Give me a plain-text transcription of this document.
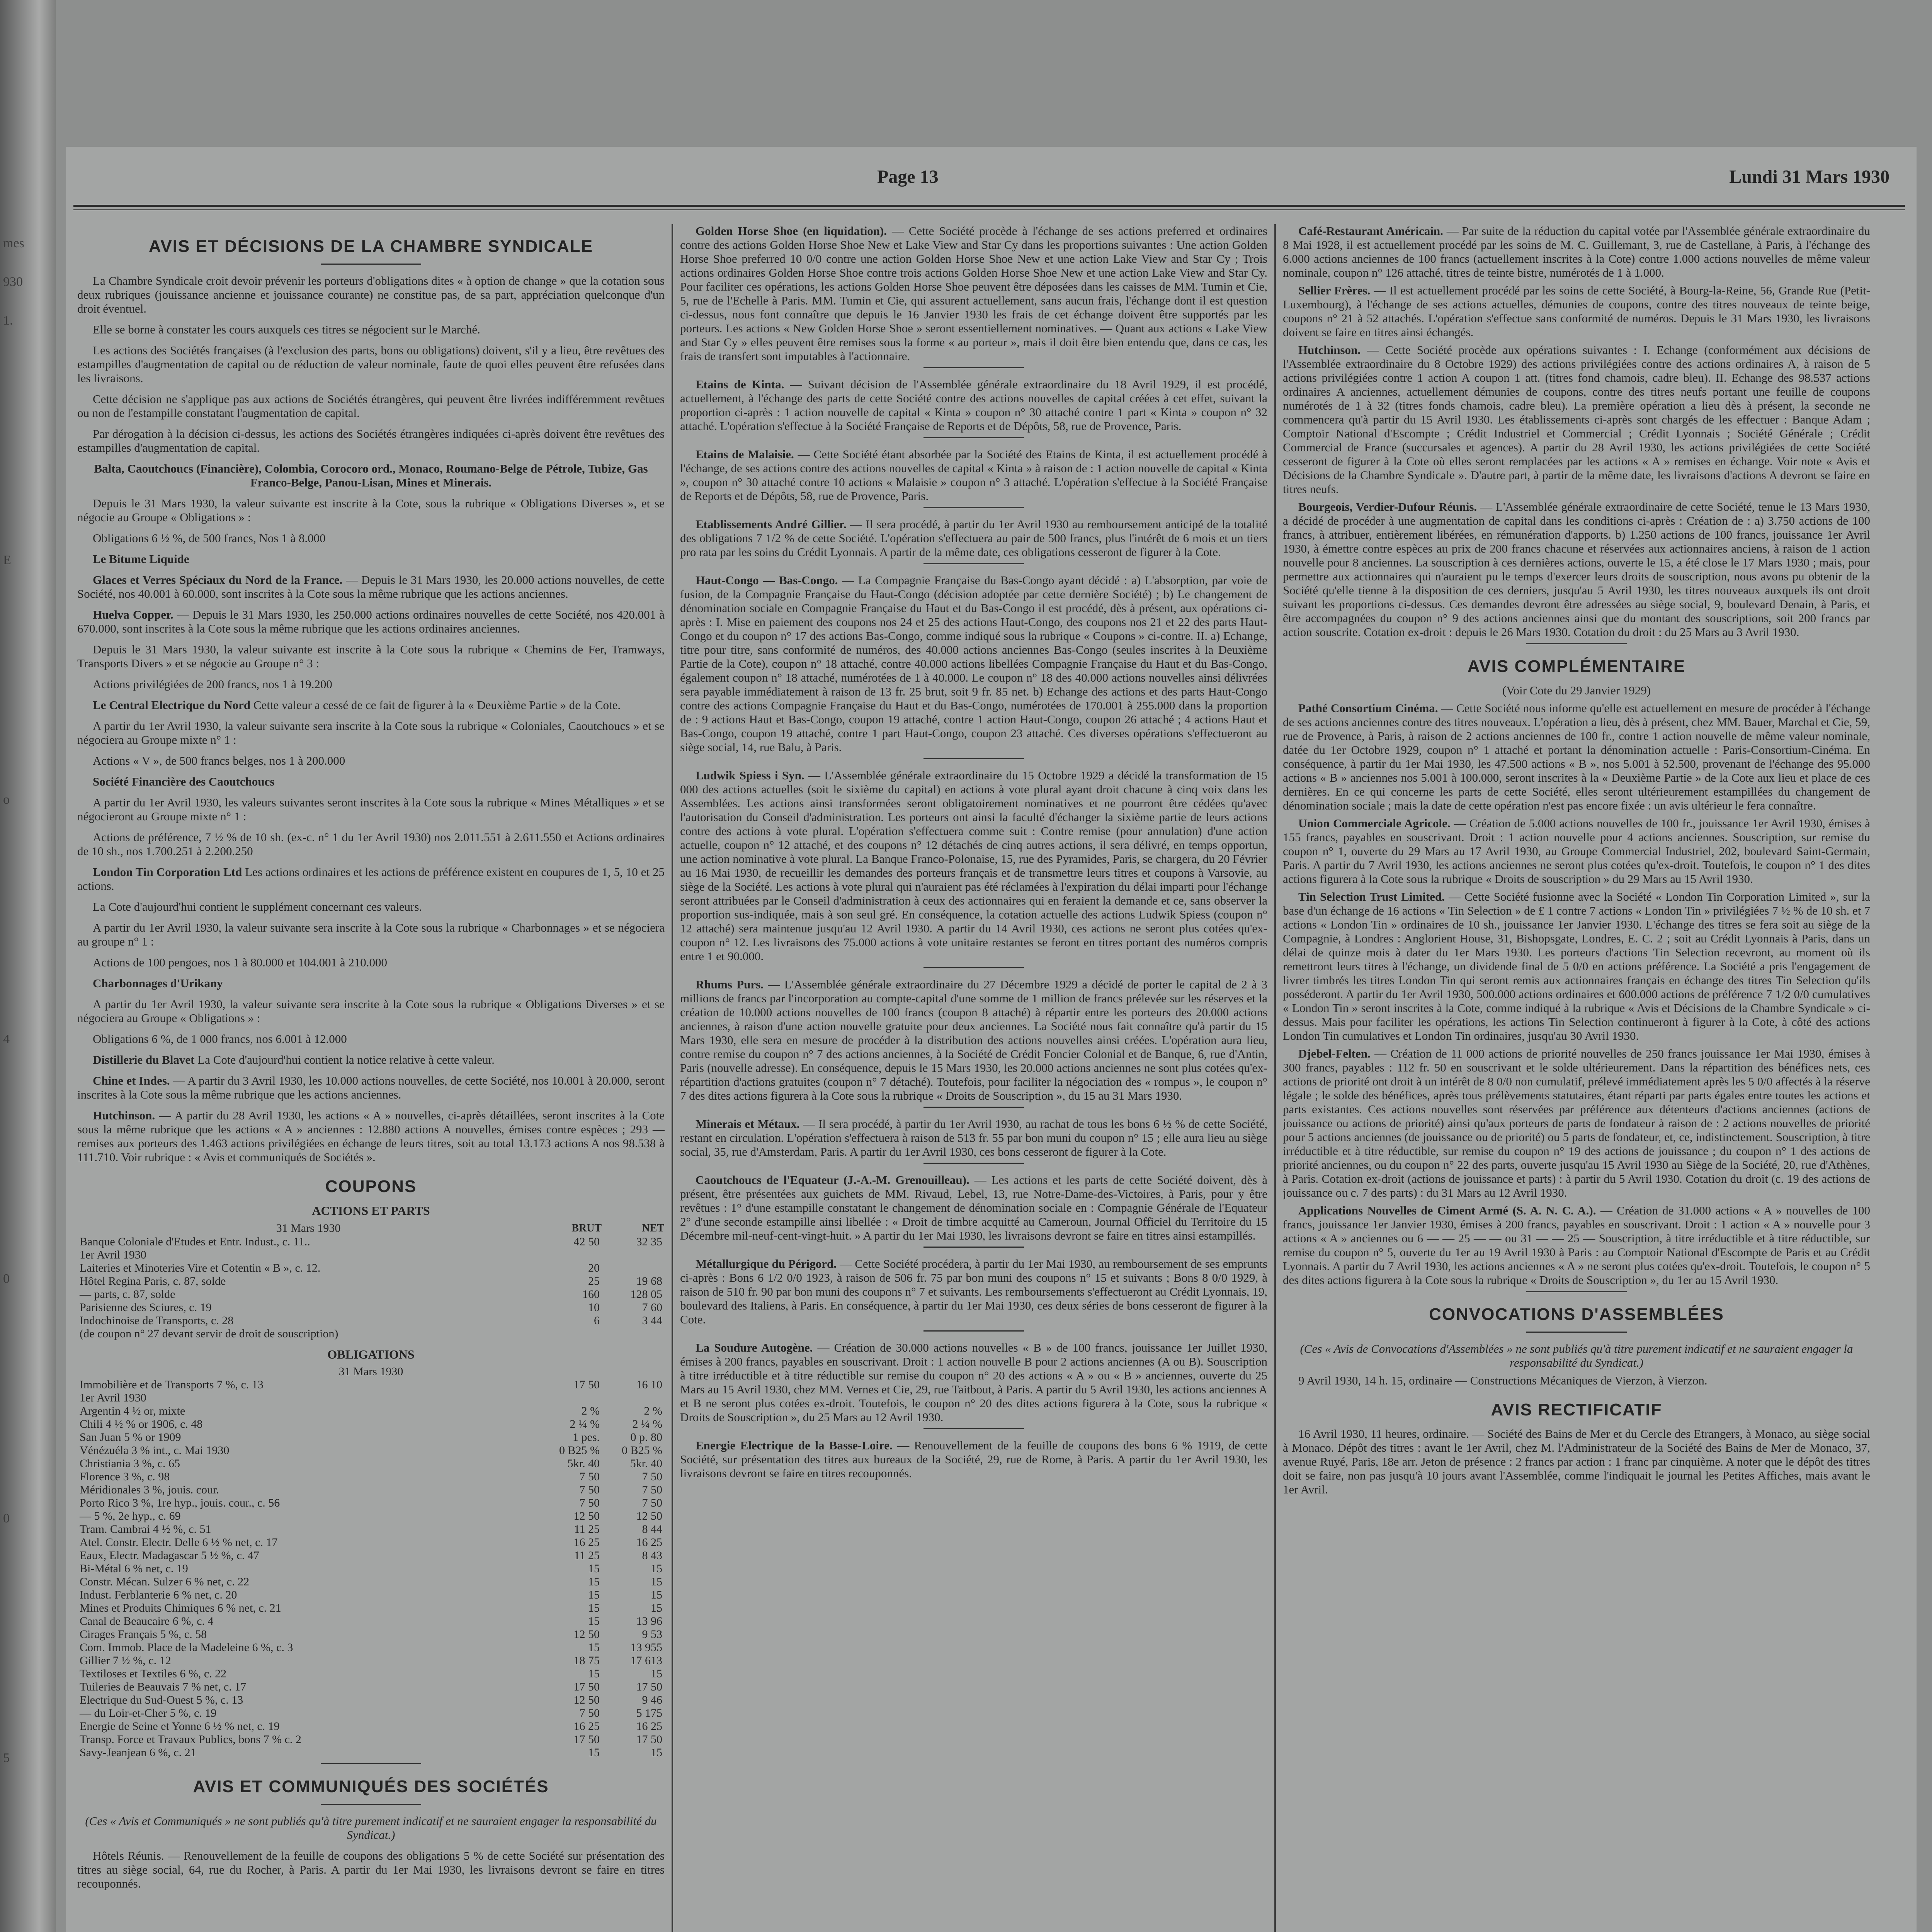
mes
930
1.
E
o
4
0
0
5
Page 13	Lundi 31 Mars 1930
AVIS ET DÉCISIONS DE LA CHAMBRE SYNDICALE

La Chambre Syndicale croit devoir prévenir les porteurs d'obligations dites « à option de change » que la cotation sous deux rubriques (jouissance ancienne et jouissance courante) ne constitue pas, de sa part, appréciation quelconque d'un droit éventuel.

Elle se borne à constater les cours auxquels ces titres se négocient sur le Marché.

Les actions des Sociétés françaises (à l'exclusion des parts, bons ou obligations) doivent, s'il y a lieu, être revêtues des estampilles d'augmentation de capital ou de réduction de valeur nominale, faute de quoi elles peuvent être refusées dans les livraisons.

Cette décision ne s'applique pas aux actions de Sociétés étrangères, qui peuvent être livrées indifféremment revêtues ou non de l'estampille constatant l'augmentation de capital.

Par dérogation à la décision ci-dessus, les actions des Sociétés étrangères indiquées ci-après doivent être revêtues des estampilles d'augmentation de capital.

Balta, Caoutchoucs (Financière), Colombia, Corocoro ord., Monaco, Roumano-Belge de Pétrole, Tubize, Gas Franco-Belge, Panou-Lisan, Mines et Minerais.

Depuis le 31 Mars 1930, la valeur suivante est inscrite à la Cote, sous la rubrique « Obligations Diverses », et se négocie au Groupe « Obligations » :

Obligations 6 ½ %, de 500 francs, Nos 1 à 8.000

Le Bitume Liquide

Glaces et Verres Spéciaux du Nord de la France. — Depuis le 31 Mars 1930, les 20.000 actions nouvelles, de cette Société, nos 40.001 à 60.000, sont inscrites à la Cote sous la même rubrique que les actions anciennes.

Huelva Copper. — Depuis le 31 Mars 1930, les 250.000 actions ordinaires nouvelles de cette Société, nos 420.001 à 670.000, sont inscrites à la Cote sous la même rubrique que les actions ordinaires anciennes.

Depuis le 31 Mars 1930, la valeur suivante est inscrite à la Cote sous la rubrique « Chemins de Fer, Tramways, Transports Divers » et se négocie au Groupe n° 3 :

Actions privilégiées de 200 francs, nos 1 à 19.200

Le Central Electrique du Nord Cette valeur a cessé de ce fait de figurer à la « Deuxième Partie » de la Cote.

A partir du 1er Avril 1930, la valeur suivante sera inscrite à la Cote sous la rubrique « Coloniales, Caoutchoucs » et se négociera au Groupe mixte n° 1 :

Actions « V », de 500 francs belges, nos 1 à 200.000

Société Financière des Caoutchoucs

A partir du 1er Avril 1930, les valeurs suivantes seront inscrites à la Cote sous la rubrique « Mines Métalliques » et se négocieront au Groupe mixte n° 1 :

Actions de préférence, 7 ½ % de 10 sh. (ex-c. n° 1 du 1er Avril 1930) nos 2.011.551 à 2.611.550 et Actions ordinaires de 10 sh., nos 1.700.251 à 2.200.250

London Tin Corporation Ltd Les actions ordinaires et les actions de préférence existent en coupures de 1, 5, 10 et 25 actions.

La Cote d'aujourd'hui contient le supplément concernant ces valeurs.

A partir du 1er Avril 1930, la valeur suivante sera inscrite à la Cote sous la rubrique « Charbonnages » et se négociera au groupe n° 1 :

Actions de 100 pengoes, nos 1 à 80.000 et 104.001 à 210.000

Charbonnages d'Urikany

A partir du 1er Avril 1930, la valeur suivante sera inscrite à la Cote sous la rubrique « Obligations Diverses » et se négociera au Groupe « Obligations » :

Obligations 6 %, de 1 000 francs, nos 6.001 à 12.000

Distillerie du Blavet La Cote d'aujourd'hui contient la notice relative à cette valeur.

Chine et Indes. — A partir du 3 Avril 1930, les 10.000 actions nouvelles, de cette Société, nos 10.001 à 20.000, seront inscrites à la Cote sous la même rubrique que les actions anciennes.

Hutchinson. — A partir du 28 Avril 1930, les actions « A » nouvelles, ci-après détaillées, seront inscrites à la Cote sous la même rubrique que les actions « A » anciennes : 12.880 actions A nouvelles, émises contre espèces ; 293 — remises aux porteurs des 1.463 actions privilégiées en échange de leurs titres, soit au total 13.173 actions A nos 98.538 à 111.710. Voir rubrique : « Avis et communiqués de Sociétés ».

COUPONS
ACTIONS ET PARTS
31 Mars 1930	BRUT	NET
Banque Coloniale d'Etudes et Entr. Indust., c. 11..	42 50	32 35
1er Avril 1930		
Laiteries et Minoteries Vire et Cotentin « B », c. 12.	20	
Hôtel Regina Paris, c. 87, solde	25	19 68
— parts, c. 87, solde	160	128 05
Parisienne des Sciures, c. 19	10	7 60
Indochinoise de Transports, c. 28	6	3 44
(de coupon n° 27 devant servir de droit de souscription)		
OBLIGATIONS
31 Mars 1930		
Immobilière et de Transports 7 %, c. 13	17 50	16 10
1er Avril 1930		
Argentin 4 ½ or, mixte	2 %	2 %
Chili 4 ½ % or 1906, c. 48	2 ¼ %	2 ¼ %
San Juan 5 % or 1909	1 pes.	0 p. 80
Vénézuéla 3 % int., c. Mai 1930	0 B25 %	0 B25 %
Christiania 3 %, c. 65	5kr. 40	5kr. 40
Florence 3 %, c. 98	7 50	7 50
Méridionales 3 %, jouis. cour.	7 50	7 50
Porto Rico 3 %, 1re hyp., jouis. cour., c. 56	7 50	7 50
— 5 %, 2e hyp., c. 69	12 50	12 50
Tram. Cambrai 4 ½ %, c. 51	11 25	8 44
Atel. Constr. Electr. Delle 6 ½ % net, c. 17	16 25	16 25
Eaux, Electr. Madagascar 5 ½ %, c. 47	11 25	8 43
Bi-Métal 6 % net, c. 19	15	15
Constr. Mécan. Sulzer 6 % net, c. 22	15	15
Indust. Ferblanterie 6 % net, c. 20	15	15
Mines et Produits Chimiques 6 % net, c. 21	15	15
Canal de Beaucaire 6 %, c. 4	15	13 96
Cirages Français 5 %, c. 58	12 50	9 53
Com. Immob. Place de la Madeleine 6 %, c. 3	15	13 955
Gillier 7 ½ %, c. 12	18 75	17 613
Textiloses et Textiles 6 %, c. 22	15	15
Tuileries de Beauvais 7 % net, c. 17	17 50	17 50
Electrique du Sud-Ouest 5 %, c. 13	12 50	9 46
— du Loir-et-Cher 5 %, c. 19	7 50	5 175
Energie de Seine et Yonne 6 ½ % net, c. 19	16 25	16 25
Transp. Force et Travaux Publics, bons 7 % c. 2	17 50	17 50
Savy-Jeanjean 6 %, c. 21	15	15
AVIS ET COMMUNIQUÉS DES SOCIÉTÉS

(Ces « Avis et Communiqués » ne sont publiés qu'à titre purement indicatif et ne sauraient engager la responsabilité du Syndicat.)

Hôtels Réunis. — Renouvellement de la feuille de coupons des obligations 5 % de cette Société sur présentation des titres au siège social, 64, rue du Rocher, à Paris. A partir du 1er Mai 1930, les livraisons devront se faire en titres recouponnés.

Golden Horse Shoe (en liquidation). — Cette Société procède à l'échange de ses actions preferred et ordinaires contre des actions Golden Horse Shoe New et Lake View and Star Cy dans les proportions suivantes : Une action Golden Horse Shoe preferred 10 0/0 contre une action Golden Horse Shoe New et une action Lake View and Star Cy ; Trois actions ordinaires Golden Horse Shoe contre trois actions Golden Horse Shoe New et une action Lake View and Star Cy. Pour faciliter ces opérations, les actions Golden Horse Shoe peuvent être déposées dans les caisses de MM. Tumin et Cie, 5, rue de l'Echelle à Paris. MM. Tumin et Cie, qui assurent actuellement, sans aucun frais, l'échange dont il est question ci-dessus, nous font connaître que depuis le 16 Janvier 1930 les frais de cet échange doivent être supportés par les porteurs. Les actions « New Golden Horse Shoe » seront essentiellement nominatives. — Quant aux actions « Lake View and Star Cy » elles peuvent être remises sous la forme « au porteur », mais il doit être bien entendu que, dans ce cas, les frais de transfert sont imputables à l'actionnaire.

Etains de Kinta. — Suivant décision de l'Assemblée générale extraordinaire du 18 Avril 1929, il est procédé, actuellement, à l'échange des parts de cette Société contre des actions nouvelles de capital créées à cet effet, suivant la proportion ci-après : 1 action nouvelle de capital « Kinta » coupon n° 30 attaché contre 1 part « Kinta » coupon n° 32 attaché. L'opération s'effectue à la Société Française de Reports et de Dépôts, 58, rue de Provence, Paris.

Etains de Malaisie. — Cette Société étant absorbée par la Société des Etains de Kinta, il est actuellement procédé à l'échange, de ses actions contre des actions nouvelles de capital « Kinta » à raison de : 1 action nouvelle de capital « Kinta », coupon n° 30 attaché contre 10 actions « Malaisie » coupon n° 3 attaché. L'opération s'effectue à la Société Française de Reports et de Dépôts, 58, rue de Provence, Paris.

Etablissements André Gillier. — Il sera procédé, à partir du 1er Avril 1930 au remboursement anticipé de la totalité des obligations 7 1/2 % de cette Société. L'opération s'effectuera au pair de 500 francs, plus l'intérêt de 6 mois et un tiers pro rata par les soins du Crédit Lyonnais. A partir de la même date, ces obligations cesseront de figurer à la Cote.

Haut-Congo — Bas-Congo. — La Compagnie Française du Bas-Congo ayant décidé : a) L'absorption, par voie de fusion, de la Compagnie Française du Haut-Congo (décision adoptée par cette dernière Société) ; b) Le changement de dénomination sociale en Compagnie Française du Haut et du Bas-Congo il est procédé, dès à présent, aux opérations ci-après : I. Mise en paiement des coupons nos 24 et 25 des actions Haut-Congo, des coupons nos 21 et 22 des parts Haut-Congo et du coupon n° 17 des actions Bas-Congo, comme indiqué sous la rubrique « Coupons » ci-contre. II. a) Echange, titre pour titre, sans conformité de numéros, des 40.000 actions anciennes Bas-Congo (seules inscrites à la Deuxième Partie de la Cote), coupon n° 18 attaché, contre 40.000 actions libellées Compagnie Française du Haut et du Bas-Congo, également coupon n° 18 attaché, numérotées de 1 à 40.000. Le coupon n° 18 des 40.000 actions nouvelles ainsi délivrées sera payable immédiatement à raison de 13 fr. 25 brut, soit 9 fr. 85 net. b) Echange des actions et des parts Haut-Congo contre des actions Compagnie Française du Haut et du Bas-Congo, numérotées de 170.001 à 255.000 dans la proportion de : 9 actions Haut et Bas-Congo, coupon 19 attaché, contre 1 action Haut-Congo, coupon 26 attaché ; 4 actions Haut et Bas-Congo, coupon 19 attaché, contre 1 part Haut-Congo, coupon 23 attaché. Ces diverses opérations s'effectueront au siège social, 14, rue Balu, à Paris.

Ludwik Spiess i Syn. — L'Assemblée générale extraordinaire du 15 Octobre 1929 a décidé la transformation de 15 000 des actions actuelles (soit le sixième du capital) en actions à vote plural ayant droit chacune à cinq voix dans les Assemblées. Les actions ainsi transformées seront obligatoirement nominatives et ne pourront être cédées qu'avec l'autorisation du Conseil d'administration. Les porteurs ont ainsi la faculté d'échanger la sixième partie de leurs actions contre des actions à vote plural. L'opération s'effectuera comme suit : Contre remise (pour annulation) d'une action actuelle, coupon n° 12 attaché, et des coupons n° 12 détachés de cinq autres actions, il sera délivré, en temps opportun, une action nominative à vote plural. La Banque Franco-Polonaise, 15, rue des Pyramides, Paris, se chargera, du 20 Février au 16 Mai 1930, de recueillir les demandes des porteurs français et de transmettre leurs titres et coupons à Varsovie, au siège de la Société. Les actions à vote plural qui n'auraient pas été réclamées à l'expiration du délai imparti pour l'échange seront attribuées par le Conseil d'administration à ceux des actionnaires qui en feraient la demande et ce, sans observer la proportion sus-indiquée, mais à son seul gré. En conséquence, la cotation actuelle des actions Ludwik Spiess (coupon n° 12 attaché) sera maintenue jusqu'au 12 Avril 1930. A partir du 14 Avril 1930, ces actions ne seront plus cotées qu'ex-coupon n° 12. Les livraisons des 75.000 actions à vote unitaire restantes se feront en titres portant des numéros compris entre 1 et 90.000.

Rhums Purs. — L'Assemblée générale extraordinaire du 27 Décembre 1929 a décidé de porter le capital de 2 à 3 millions de francs par l'incorporation au compte-capital d'une somme de 1 million de francs prélevée sur les réserves et la création de 10.000 actions nouvelles de 100 francs (coupon 8 attaché) à répartir entre les porteurs des 20.000 actions anciennes, à raison d'une action nouvelle gratuite pour deux anciennes. La Société nous fait connaître qu'à partir du 15 Mars 1930, elle sera en mesure de procéder à la distribution des actions nouvelles ainsi créées. L'opération aura lieu, contre remise du coupon n° 7 des actions anciennes, à la Société de Crédit Foncier Colonial et de Banque, 6, rue d'Antin, Paris (nouvelle adresse). En conséquence, depuis le 15 Mars 1930, les 20.000 actions anciennes ne sont plus cotées qu'ex-répartition d'actions gratuites (coupon n° 7 détaché). Toutefois, pour faciliter la négociation des « rompus », le coupon n° 7 des dites actions figurera à la Cote sous la rubrique « Droits de Souscription », du 15 au 31 Mars 1930.

Minerais et Métaux. — Il sera procédé, à partir du 1er Avril 1930, au rachat de tous les bons 6 ½ % de cette Société, restant en circulation. L'opération s'effectuera à raison de 513 fr. 55 par bon muni du coupon n° 15 ; elle aura lieu au siège social, 35, rue d'Amsterdam, Paris. A partir du 1er Avril 1930, ces bons cesseront de figurer à la Cote.

Caoutchoucs de l'Equateur (J.-A.-M. Grenouilleau). — Les actions et les parts de cette Société doivent, dès à présent, être présentées aux guichets de MM. Rivaud, Lebel, 13, rue Notre-Dame-des-Victoires, à Paris, pour y être revêtues : 1° d'une estampille constatant le changement de dénomination sociale en : Compagnie Générale de l'Equateur 2° d'une seconde estampille ainsi libellée : « Droit de timbre acquitté au Cameroun, Journal Officiel du Territoire du 15 Décembre mil-neuf-cent-vingt-huit. » A partir du 1er Mai 1930, les livraisons devront se faire en titres ainsi estampillés.

Métallurgique du Périgord. — Cette Société procédera, à partir du 1er Mai 1930, au remboursement de ses emprunts ci-après : Bons 6 1/2 0/0 1923, à raison de 506 fr. 75 par bon muni des coupons n° 15 et suivants ; Bons 8 0/0 1929, à raison de 510 fr. 90 par bon muni des coupons n° 7 et suivants. Les remboursements s'effectueront au Crédit Lyonnais, 19, boulevard des Italiens, à Paris. En conséquence, à partir du 1er Mai 1930, ces deux séries de bons cesseront de figurer à la Cote.

La Soudure Autogène. — Création de 30.000 actions nouvelles « B » de 100 francs, jouissance 1er Juillet 1930, émises à 200 francs, payables en souscrivant. Droit : 1 action nouvelle B pour 2 actions anciennes (A ou B). Souscription à titre irréductible et à titre réductible sur remise du coupon n° 20 des actions « A » ou « B » anciennes, ouverte du 25 Mars au 15 Avril 1930, chez MM. Vernes et Cie, 29, rue Taitbout, à Paris. A partir du 5 Avril 1930, les actions anciennes A et B ne seront plus cotées ex-droit. Toutefois, le coupon n° 20 des dites actions figurera à la Cote, sous la rubrique « Droits de Souscription », du 25 Mars au 12 Avril 1930.

Energie Electrique de la Basse-Loire. — Renouvellement de la feuille de coupons des bons 6 % 1919, de cette Société, sur présentation des titres aux bureaux de la Société, 29, rue de Rome, à Paris. A partir du 1er Avril 1930, les livraisons devront se faire en titres recouponnés.

Café-Restaurant Américain. — Par suite de la réduction du capital votée par l'Assemblée générale extraordinaire du 8 Mai 1928, il est actuellement procédé par les soins de M. C. Guillemant, 3, rue de Castellane, à Paris, à l'échange des 6.000 actions anciennes de 100 francs (actuellement inscrites à la Cote) contre 1.000 actions nouvelles de même valeur nominale, coupon n° 126 attaché, titres de teinte bistre, numérotés de 1 à 1.000.

Sellier Frères. — Il est actuellement procédé par les soins de cette Société, à Bourg-la-Reine, 56, Grande Rue (Petit-Luxembourg), à l'échange de ses actions actuelles, démunies de coupons, contre des titres nouveaux de teinte beige, coupons n° 21 à 52 attachés. L'opération s'effectue sans conformité de numéros. Depuis le 31 Mars 1930, les livraisons doivent se faire en titres ainsi échangés.

Hutchinson. — Cette Société procède aux opérations suivantes : I. Echange (conformément aux décisions de l'Assemblée extraordinaire du 8 Octobre 1929) des actions privilégiées contre des actions ordinaires A, à raison de 5 actions privilégiées contre 1 action A coupon 1 att. (titres fond chamois, cadre bleu). II. Echange des 98.537 actions ordinaires A anciennes, actuellement démunies de coupons, contre des titres neufs portant une feuille de coupons numérotés de 1 à 32 (titres fonds chamois, cadre bleu). La première opération a lieu dès à présent, la seconde ne commencera qu'à partir du 15 Avril 1930. Les établissements ci-après sont chargés de les effectuer : Banque Adam ; Comptoir National d'Escompte ; Crédit Industriel et Commercial ; Crédit Lyonnais ; Société Générale ; Crédit Commercial de France (succursales et agences). A partir du 28 Avril 1930, les actions privilégiées de cette Société cesseront de figurer à la Cote où elles seront remplacées par les actions « A » remises en échange. Voir note « Avis et Décisions de la Chambre Syndicale ». D'autre part, à partir de la même date, les livraisons d'actions A devront se faire en titres neufs.

Bourgeois, Verdier-Dufour Réunis. — L'Assemblée générale extraordinaire de cette Société, tenue le 13 Mars 1930, a décidé de procéder à une augmentation de capital dans les conditions ci-après : Création de : a) 3.750 actions de 100 francs, à attribuer, entièrement libérées, en rémunération d'apports. b) 1.250 actions de 100 francs, jouissance 1er Avril 1930, à émettre contre espèces au prix de 200 francs chacune et réservées aux actionnaires anciens, à raison de 1 action nouvelle pour 8 anciennes. La souscription à ces dernières actions, ouverte le 15, a été close le 17 Mars 1930 ; mais, pour permettre aux actionnaires qui n'auraient pu le temps d'exercer leurs droits de souscription, nous avons pu obtenir de la Société qu'elle tienne à la disposition de ces derniers, jusqu'au 5 Avril 1930, les titres nouveaux auxquels ils ont droit suivant les proportions ci-dessus. Ces demandes devront être adressées au siège social, 9, boulevard Denain, à Paris, et être accompagnées du coupon n° 9 des actions anciennes ainsi que du montant des souscriptions, soit 200 francs par action souscrite. Cotation ex-droit : depuis le 26 Mars 1930. Cotation du droit : du 25 Mars au 3 Avril 1930.

AVIS COMPLÉMENTAIRE

(Voir Cote du 29 Janvier 1929)

Pathé Consortium Cinéma. — Cette Société nous informe qu'elle est actuellement en mesure de procéder à l'échange de ses actions anciennes contre des titres nouveaux. L'opération a lieu, dès à présent, chez MM. Bauer, Marchal et Cie, 59, rue de Provence, à Paris, à raison de 2 actions anciennes de 100 fr., contre 1 action nouvelle de même valeur nominale, datée du 1er Octobre 1929, coupon n° 1 attaché et portant la dénomination actuelle : Paris-Consortium-Cinéma. En conséquence, à partir du 1er Mai 1930, les 47.500 actions « B », nos 5.001 à 52.500, provenant de l'échange des 95.000 actions « B » anciennes nos 5.001 à 100.000, seront inscrites à la « Deuxième Partie » de la Cote aux lieu et place de ces dernières. En ce qui concerne les parts de cette Société, elles seront ultérieurement estampillées du changement de dénomination sociale ; mais la date de cette opération n'est pas encore fixée : un avis ultérieur le fera connaître.

Union Commerciale Agricole. — Création de 5.000 actions nouvelles de 100 fr., jouissance 1er Avril 1930, émises à 155 francs, payables en souscrivant. Droit : 1 action nouvelle pour 4 actions anciennes. Souscription, sur remise du coupon n° 1, ouverte du 29 Mars au 17 Avril 1930, au Groupe Commercial Industriel, 202, boulevard Saint-Germain, Paris. A partir du 7 Avril 1930, les actions anciennes ne seront plus cotées qu'ex-droit. Toutefois, le coupon n° 1 des dites actions figurera à la Cote sous la rubrique « Droits de souscription » du 29 Mars au 15 Avril 1930.

Tin Selection Trust Limited. — Cette Société fusionne avec la Société « London Tin Corporation Limited », sur la base d'un échange de 16 actions « Tin Selection » de £ 1 contre 7 actions « London Tin » privilégiées 7 ½ % de 10 sh. et 7 actions « London Tin » ordinaires de 10 sh., jouissance 1er Janvier 1930. L'échange des titres se fera soit au siège de la Compagnie, à Londres : Anglorient House, 31, Bishopsgate, Londres, E. C. 2 ; soit au Crédit Lyonnais à Paris, dans un délai de quinze mois à dater du 1er Mars 1930. Les porteurs d'actions Tin Selection recevront, au moment où ils remettront leurs titres à l'échange, un dividende final de 5 0/0 en actions préférence. La Société a pris l'engagement de livrer timbrés les titres London Tin qui seront remis aux actionnaires français en échange des titres Tin Selection qu'ils posséderont. A partir du 1er Avril 1930, 500.000 actions ordinaires et 600.000 actions de préférence 7 1/2 0/0 cumulatives « London Tin » seront inscrites à la Cote, comme indiqué à la rubrique « Avis et Décisions de la Chambre Syndicale » ci-dessus. Mais pour faciliter les opérations, les actions Tin Selection continueront à figurer à la Cote, à côté des actions London Tin cumulatives et London Tin ordinaires, jusqu'au 30 Avril 1930.

Djebel-Felten. — Création de 11 000 actions de priorité nouvelles de 250 francs jouissance 1er Mai 1930, émises à 300 francs, payables : 112 fr. 50 en souscrivant et le solde ultérieurement. Dans la répartition des bénéfices nets, ces actions de priorité ont droit à un intérêt de 8 0/0 non cumulatif, prélevé immédiatement après les 5 0/0 affectés à la réserve légale ; le solde des bénéfices, après tous prélèvements statutaires, étant réparti par parts égales entre toutes les actions et parts existantes. Ces actions nouvelles sont réservées par préférence aux détenteurs d'actions anciennes (actions de jouissance ou actions de priorité) ainsi qu'aux porteurs de parts de fondateur à raison de : 2 actions nouvelles de priorité pour 5 actions anciennes (de jouissance ou de priorité) ou 5 parts de fondateur, et, ce, indistinctement. Souscription, à titre irréductible et à titre réductible, sur remise du coupon n° 19 des actions de jouissance ; du coupon n° 1 des actions de priorité anciennes, ou du coupon n° 22 des parts, ouverte jusqu'au 15 Avril 1930 au Siège de la Société, 20, rue d'Athènes, à Paris. Cotation ex-droit (actions de jouissance et parts) : à partir du 5 Avril 1930. Cotation du droit (c. 19 des actions de jouissance ou c. 7 des parts) : du 31 Mars au 12 Avril 1930.

Applications Nouvelles de Ciment Armé (S. A. N. C. A.). — Création de 31.000 actions « A » nouvelles de 100 francs, jouissance 1er Janvier 1930, émises à 200 francs, payables en souscrivant. Droit : 1 action « A » nouvelle pour 3 actions « A » anciennes ou 6 — — 25 — — ou 31 — — 25 — Souscription, à titre irréductible et à titre réductible, sur remise du coupon n° 5, ouverte du 1er au 19 Avril 1930 à Paris : au Comptoir National d'Escompte de Paris et au Crédit Lyonnais. A partir du 7 Avril 1930, les actions anciennes « A » ne seront plus cotées qu'ex-droit. Toutefois, le coupon n° 5 des dites actions figurera à la Cote sous la rubrique « Droits de Souscription », du 1er au 15 Avril 1930.

CONVOCATIONS D'ASSEMBLÉES

(Ces « Avis de Convocations d'Assemblées » ne sont publiés qu'à titre purement indicatif et ne sauraient engager la responsabilité du Syndicat.)

9 Avril 1930, 14 h. 15, ordinaire — Constructions Mécaniques de Vierzon, à Vierzon.

AVIS RECTIFICATIF

16 Avril 1930, 11 heures, ordinaire. — Société des Bains de Mer et du Cercle des Etrangers, à Monaco, au siège social à Monaco. Dépôt des titres : avant le 1er Avril, chez M. l'Administrateur de la Société des Bains de Mer de Monaco, 37, avenue Ruyé, Paris, 18e arr. Jeton de présence : 2 francs par action : 1 franc par cinquième. A noter que le dépôt des titres doit se faire, non pas jusqu'à 10 jours avant l'Assemblée, comme l'indiquait le journal les Petites Affiches, mais avant le 1er Avril.
